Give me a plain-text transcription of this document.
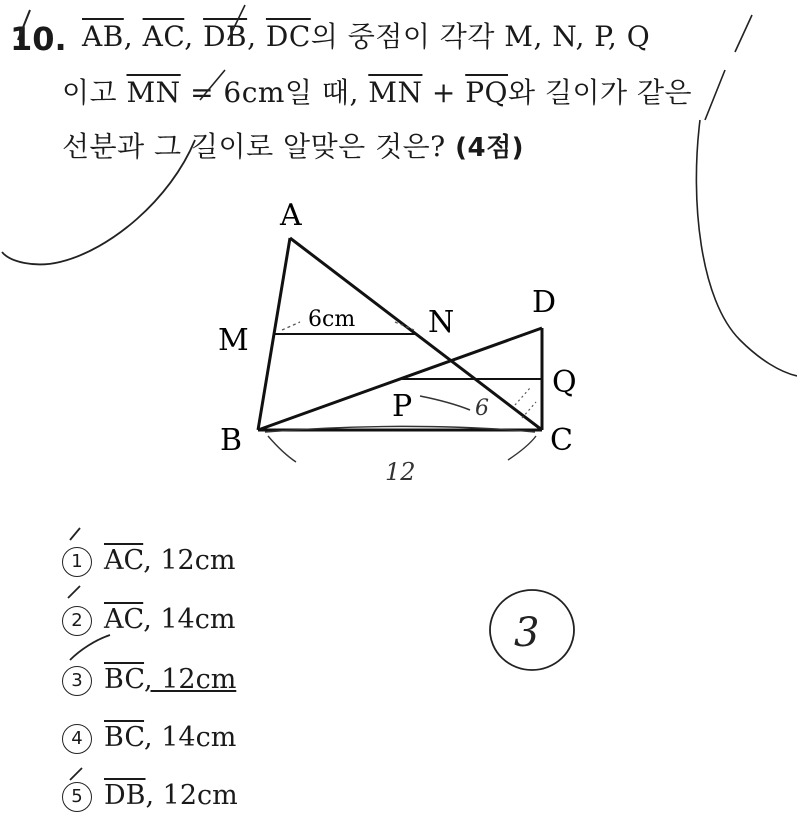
10. $\overline{AB}$, $\overline{AC}$, $\overline{DB}$, $\overline{DC}$의 중점이 각각 M, N, P, Q
이고 $\overline{MN} = 6cm$일 때, $\overline{MN} + \overline{PQ}$와 길이가 같은
선분과 그 길이로 알맞은 것은? (4점)
A
M
N
D
Q
P
B	C
6cm
6
12
1 $\overline{AC}$, 12cm
2 $\overline{AC}$, 14cm
3 $\overline{BC}$, 12cm
4 $\overline{BC}$, 14cm
5 $\overline{DB}$, 12cm
3
